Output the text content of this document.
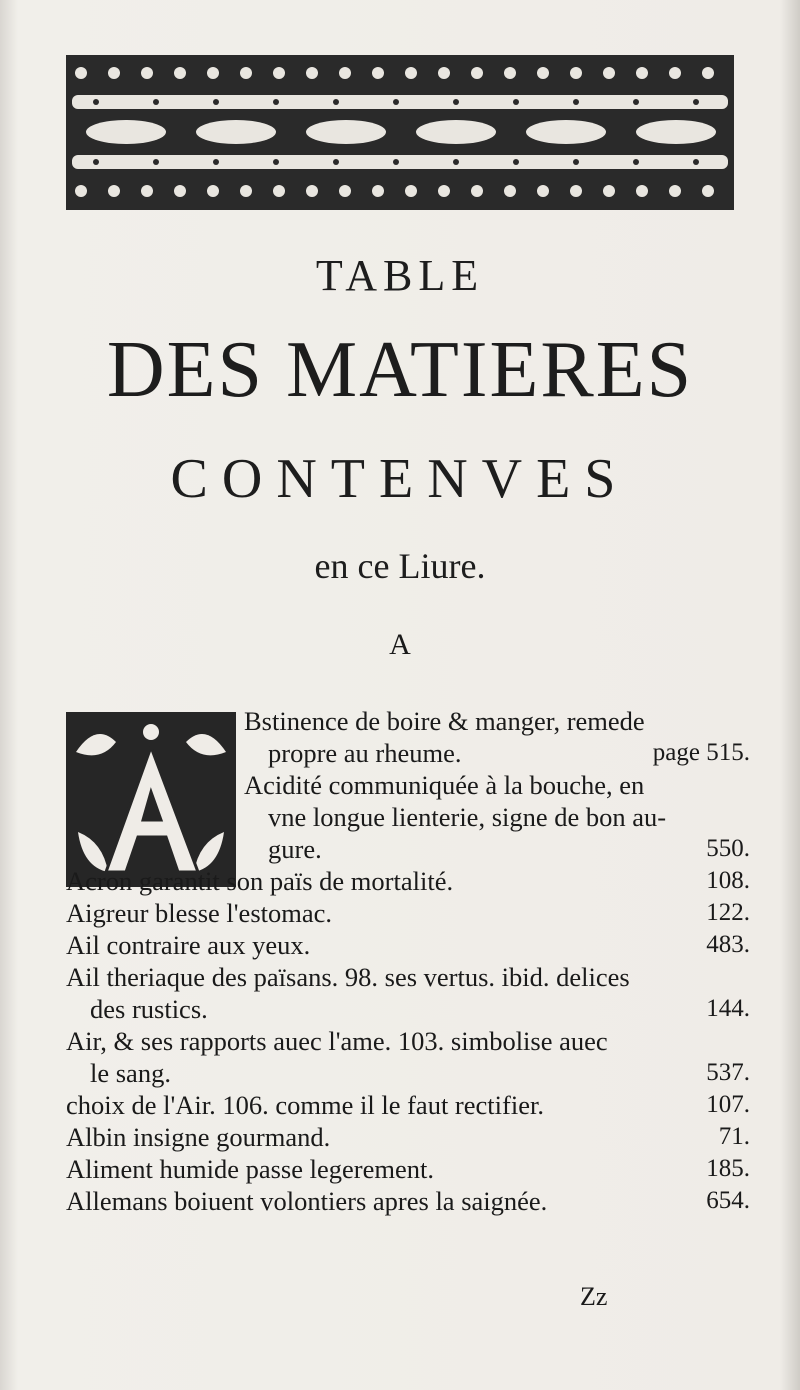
TABLE
DES MATIERES
CONTENVES
en ce Liure.
A
Bstinence de boire & manger, remede
propre au rheume.	page 515.
Acidité communiquée à la bouche, en
vne longue lienterie, signe de bon au-
gure.	550.
Acron garantit son païs de mortalité.	108.
Aigreur blesse l'estomac.	122.
Ail contraire aux yeux.	483.
Ail theriaque des païsans. 98. ses vertus. ibid. delices
des rustics.	144.
Air, & ses rapports auec l'ame. 103. simbolise auec
le sang.	537.
choix de l'Air. 106. comme il le faut rectifier.	107.
Albin insigne gourmand.	71.
Aliment humide passe legerement.	185.
Allemans boiuent volontiers apres la saignée.	654.
Zz
